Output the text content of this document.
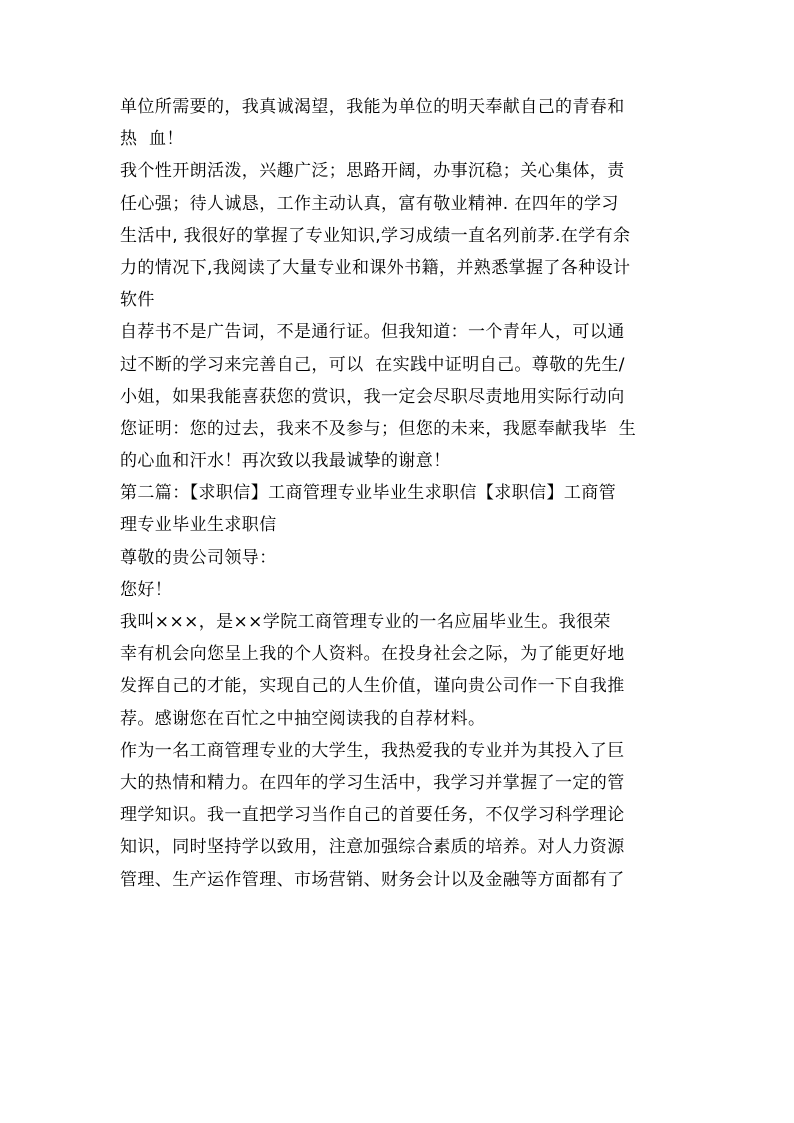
单位所需要的，我真诚渴望，我能为单位的明天奉献自己的青春和
热  血！
我个性开朗活泼，兴趣广泛；思路开阔，办事沉稳；关心集体，责
任心强；待人诚恳，工作主动认真，富有敬业精神. 在四年的学习
生活中, 我很好的掌握了专业知识,学习成绩一直名列前茅.在学有余
力的情况下,我阅读了大量专业和课外书籍，并熟悉掌握了各种设计
软件
自荐书不是广告词，不是通行证。但我知道：一个青年人，可以通
过不断的学习来完善自己，可以  在实践中证明自己。尊敬的先生/
小姐，如果我能喜获您的赏识，我一定会尽职尽责地用实际行动向
您证明：您的过去，我来不及参与；但您的未来，我愿奉献我毕  生
的心血和汗水！再次致以我最诚挚的谢意！
第二篇：【求职信】工商管理专业毕业生求职信【求职信】工商管
理专业毕业生求职信
尊敬的贵公司领导：
您好！
我叫×××，是××学院工商管理专业的一名应届毕业生。我很荣
幸有机会向您呈上我的个人资料。在投身社会之际，为了能更好地
发挥自己的才能，实现自己的人生价值，谨向贵公司作一下自我推
荐。感谢您在百忙之中抽空阅读我的自荐材料。
作为一名工商管理专业的大学生，我热爱我的专业并为其投入了巨
大的热情和精力。在四年的学习生活中，我学习并掌握了一定的管
理学知识。我一直把学习当作自己的首要任务，不仅学习科学理论
知识，同时坚持学以致用，注意加强综合素质的培养。对人力资源
管理、生产运作管理、市场营销、财务会计以及金融等方面都有了
